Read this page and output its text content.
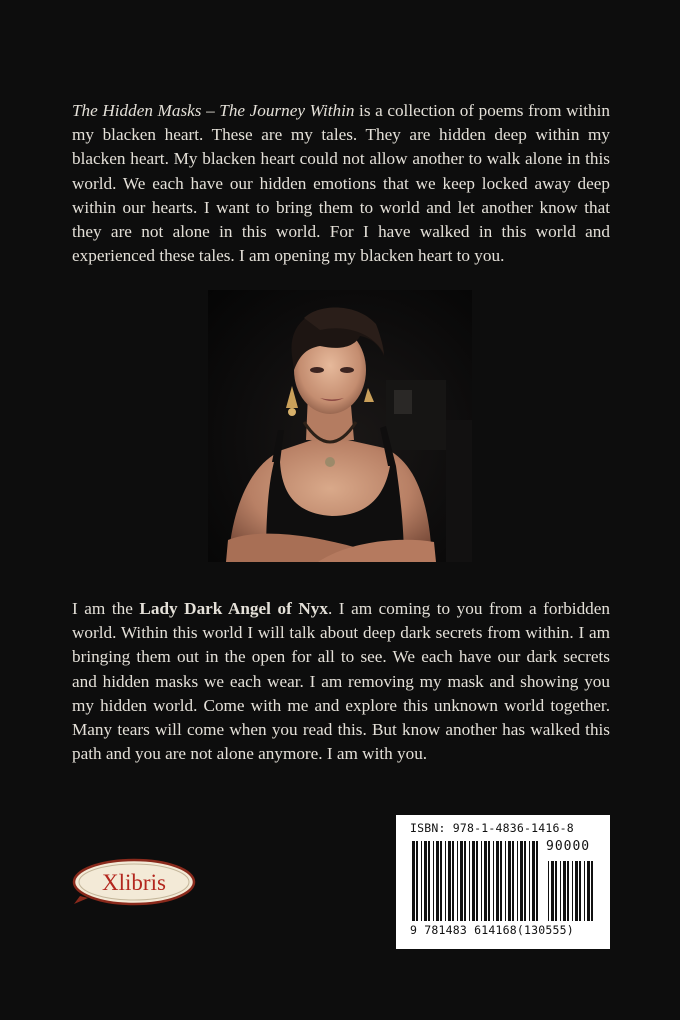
The Hidden Masks – The Journey Within is a collection of poems from within my blacken heart. These are my tales. They are hidden deep within my blacken heart. My blacken heart could not allow another to walk alone in this world. We each have our hidden emotions that we keep locked away deep within our hearts. I want to bring them to world and let another know that they are not alone in this world. For I have walked in this world and experienced these tales. I am opening my blacken heart to you.
I am the Lady Dark Angel of Nyx. I am coming to you from a forbidden world. Within this world I will talk about deep dark secrets from within. I am bringing them out in the open for all to see. We each have our dark secrets and hidden masks we each wear. I am removing my mask and showing you my hidden world. Come with me and explore this unknown world together. Many tears will come when you read this. But know another has walked this path and you are not alone anymore. I am with you.
Xlibris
ISBN: 978-1-4836-1416-8
90000
9 781483 614168(130555)
